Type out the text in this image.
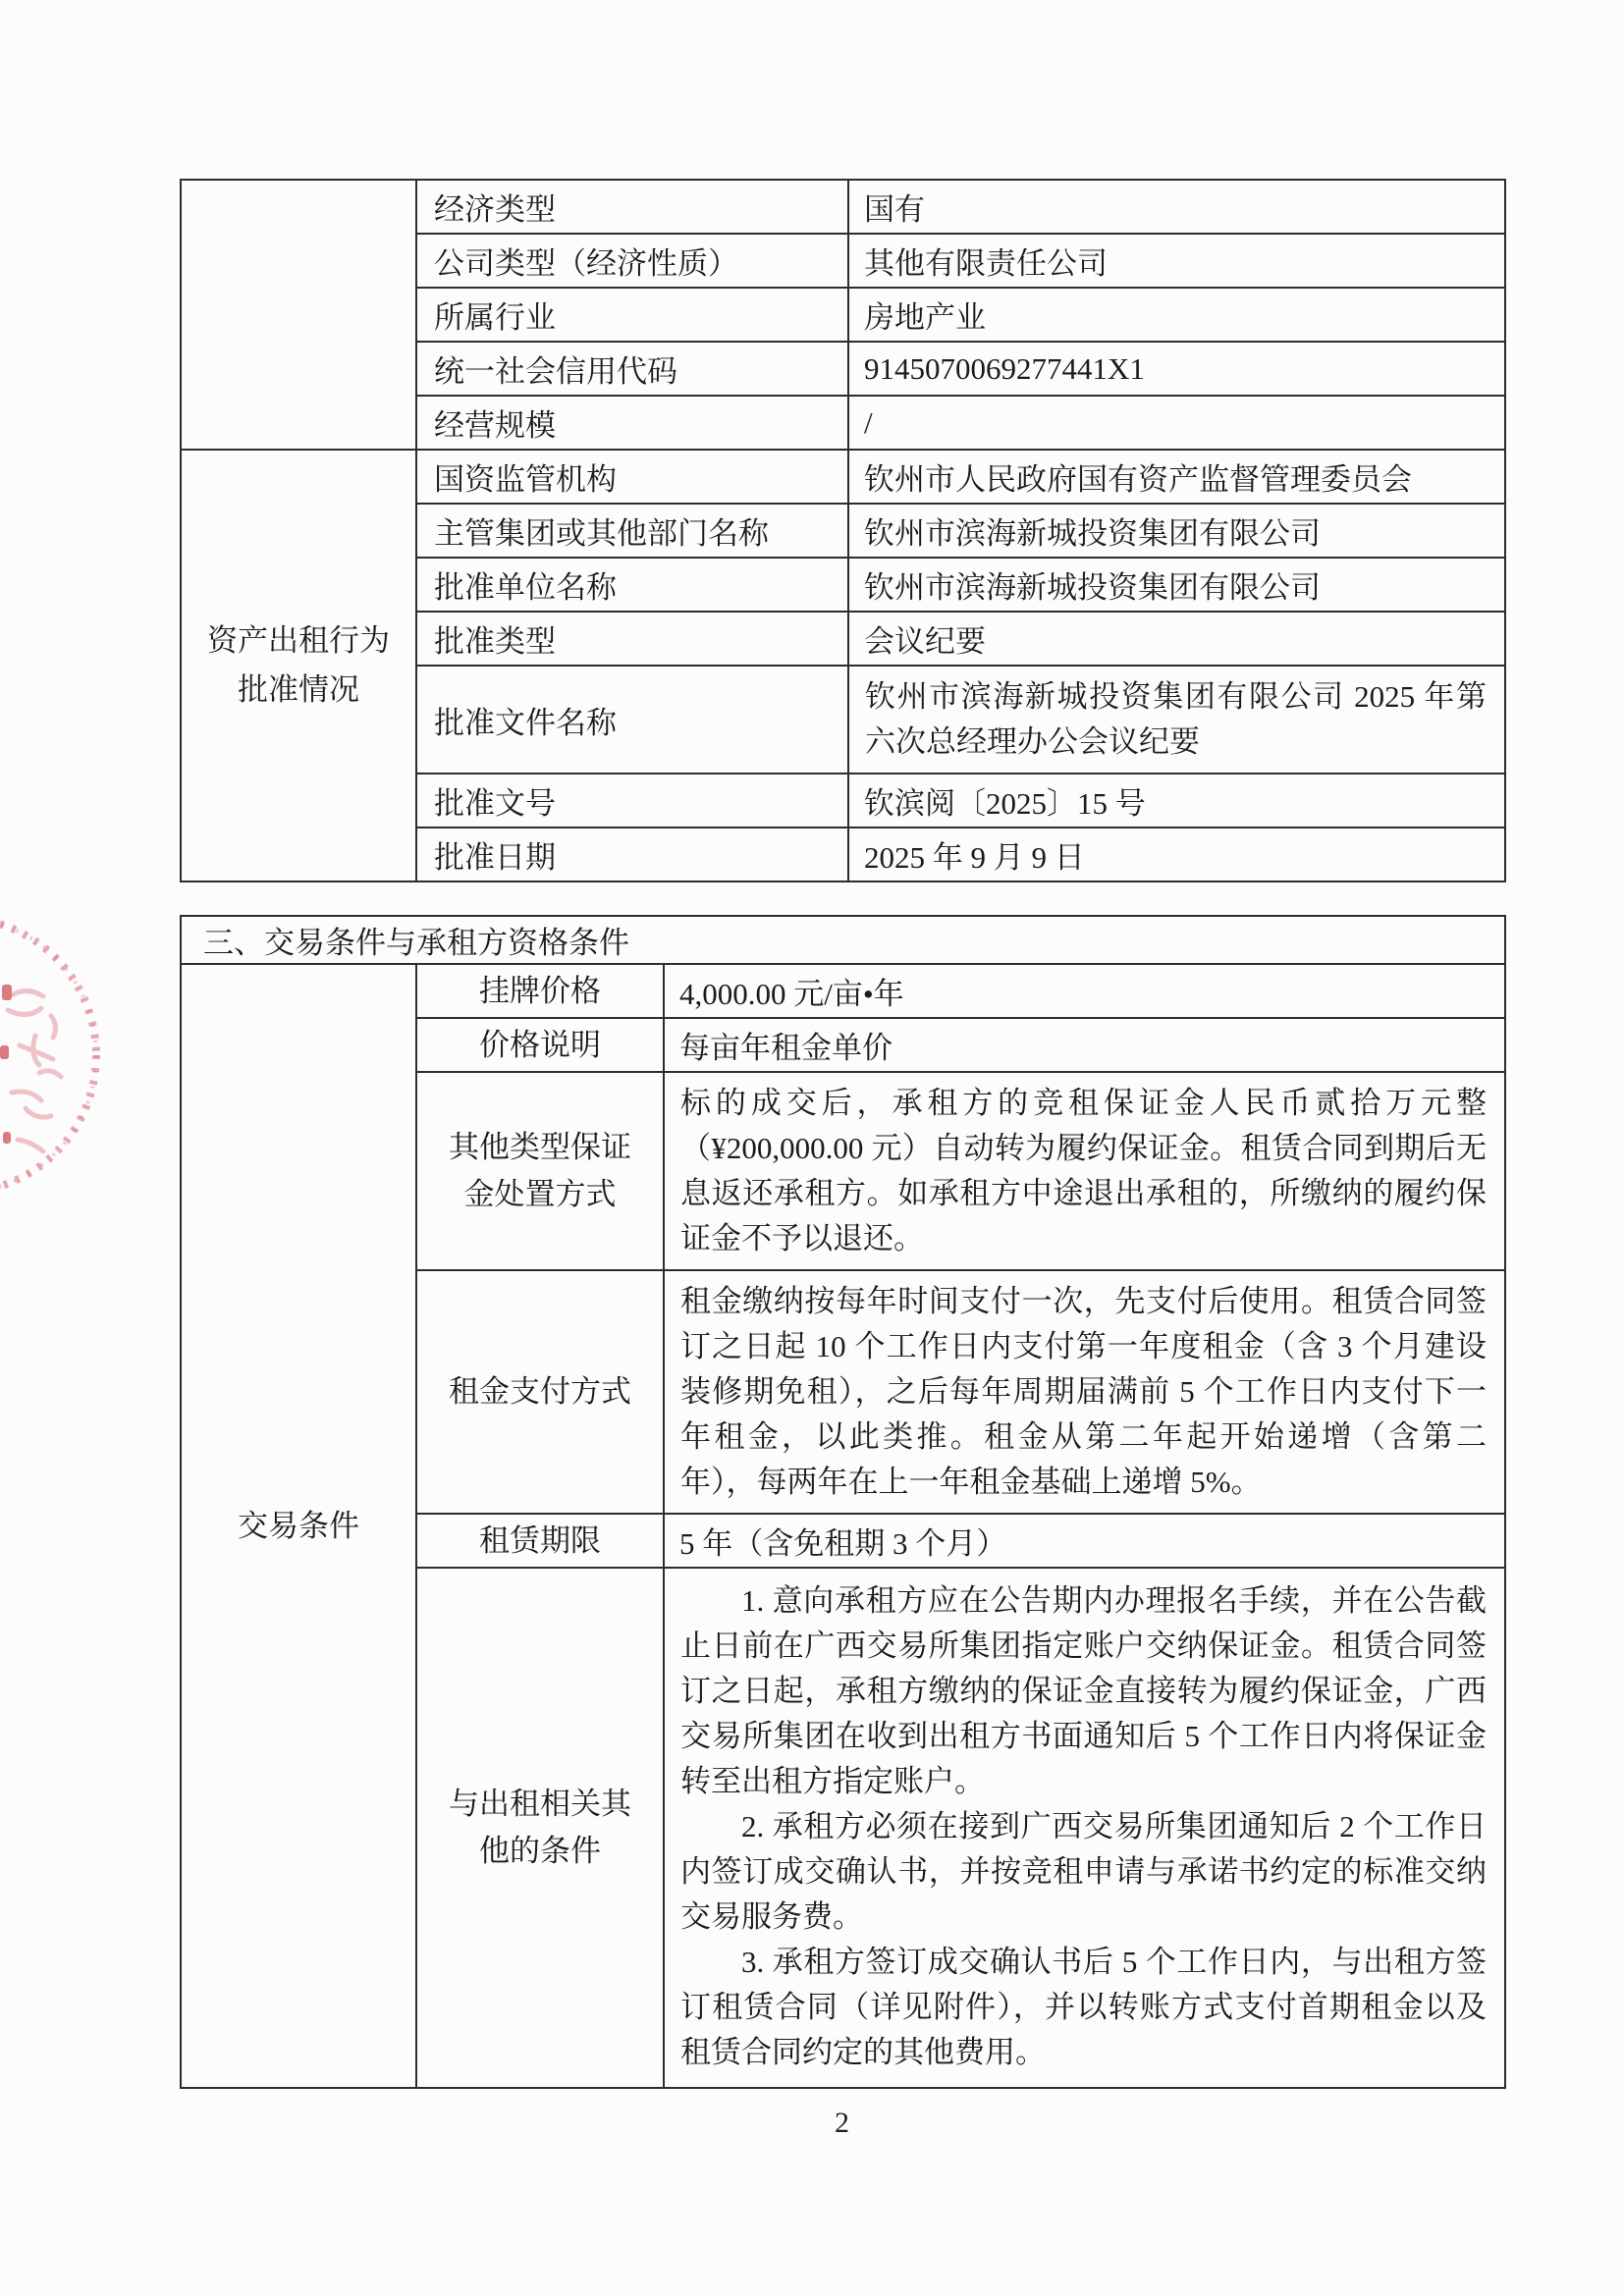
	经济类型	国有
	公司类型（经济性质）	其他有限责任公司
	所属行业	房地产业
	统一社会信用代码	9145070069277441X1
	经营规模	/

资产出租行为批准情况	国资监管机构	钦州市人民政府国有资产监督管理委员会
	主管集团或其他部门名称	钦州市滨海新城投资集团有限公司
	批准单位名称	钦州市滨海新城投资集团有限公司
	批准类型	会议纪要
	批准文件名称	钦州市滨海新城投资集团有限公司 2025 年第六次总经理办公会议纪要
	批准文号	钦滨阅〔2025〕15 号
	批准日期	2025 年 9 月 9 日
三、交易条件与承租方资格条件		

交易条件	挂牌价格	4,000.00 元/亩•年

	价格说明	每亩年租金单价

	其他类型保证金处置方式	标的成交后，承租方的竞租保证金人民币贰拾万元整（¥200,000.00 元）自动转为履约保证金。租赁合同到期后无息返还承租方。如承租方中途退出承租的，所缴纳的履约保证金不予以退还。

	租金支付方式	租金缴纳按每年时间支付一次，先支付后使用。租赁合同签订之日起 10 个工作日内支付第一年度租金（含 3 个月建设装修期免租），之后每年周期届满前 5 个工作日内支付下一年租金，以此类推。租金从第二年起开始递增（含第二年），每两年在上一年租金基础上递增 5%。

	租赁期限	5 年（含免租期 3 个月）

	与出租相关其他的条件	1. 意向承租方应在公告期内办理报名手续，并在公告截止日前在广西交易所集团指定账户交纳保证金。租赁合同签订之日起，承租方缴纳的保证金直接转为履约保证金，广西交易所集团在收到出租方书面通知后 5 个工作日内将保证金转至出租方指定账户。

2. 承租方必须在接到广西交易所集团通知后 2 个工作日内签订成交确认书，并按竞租申请与承诺书约定的标准交纳交易服务费。

3. 承租方签订成交确认书后 5 个工作日内，与出租方签订租赁合同（详见附件），并以转账方式支付首期租金以及租赁合同约定的其他费用。

2
